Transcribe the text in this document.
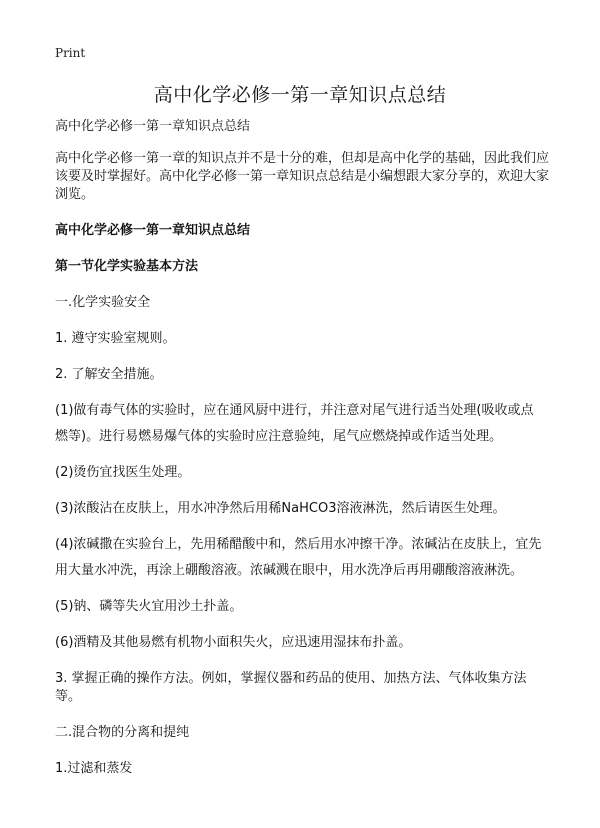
Print
高中化学必修一第一章知识点总结
高中化学必修一第一章知识点总结
高中化学必修一第一章的知识点并不是十分的难，但却是高中化学的基础，因此我们应该要及时掌握好。高中化学必修一第一章知识点总结是小编想跟大家分享的，欢迎大家浏览。
高中化学必修一第一章知识点总结
第一节化学实验基本方法
一.化学实验安全
1. 遵守实验室规则。
2. 了解安全措施。
(1)做有毒气体的实验时，应在通风厨中进行，并注意对尾气进行适当处理(吸收或点
燃等)。进行易燃易爆气体的实验时应注意验纯，尾气应燃烧掉或作适当处理。
(2)烫伤宜找医生处理。
(3)浓酸沾在皮肤上，用水冲净然后用稀NaHCO3溶液淋洗，然后请医生处理。
(4)浓碱撒在实验台上，先用稀醋酸中和，然后用水冲擦干净。浓碱沾在皮肤上，宜先
用大量水冲洗，再涂上硼酸溶液。浓碱溅在眼中，用水洗净后再用硼酸溶液淋洗。
(5)钠、磷等失火宜用沙土扑盖。
(6)酒精及其他易燃有机物小面积失火，应迅速用湿抹布扑盖。
3. 掌握正确的操作方法。例如，掌握仪器和药品的使用、加热方法、气体收集方法等。
二.混合物的分离和提纯
1.过滤和蒸发
